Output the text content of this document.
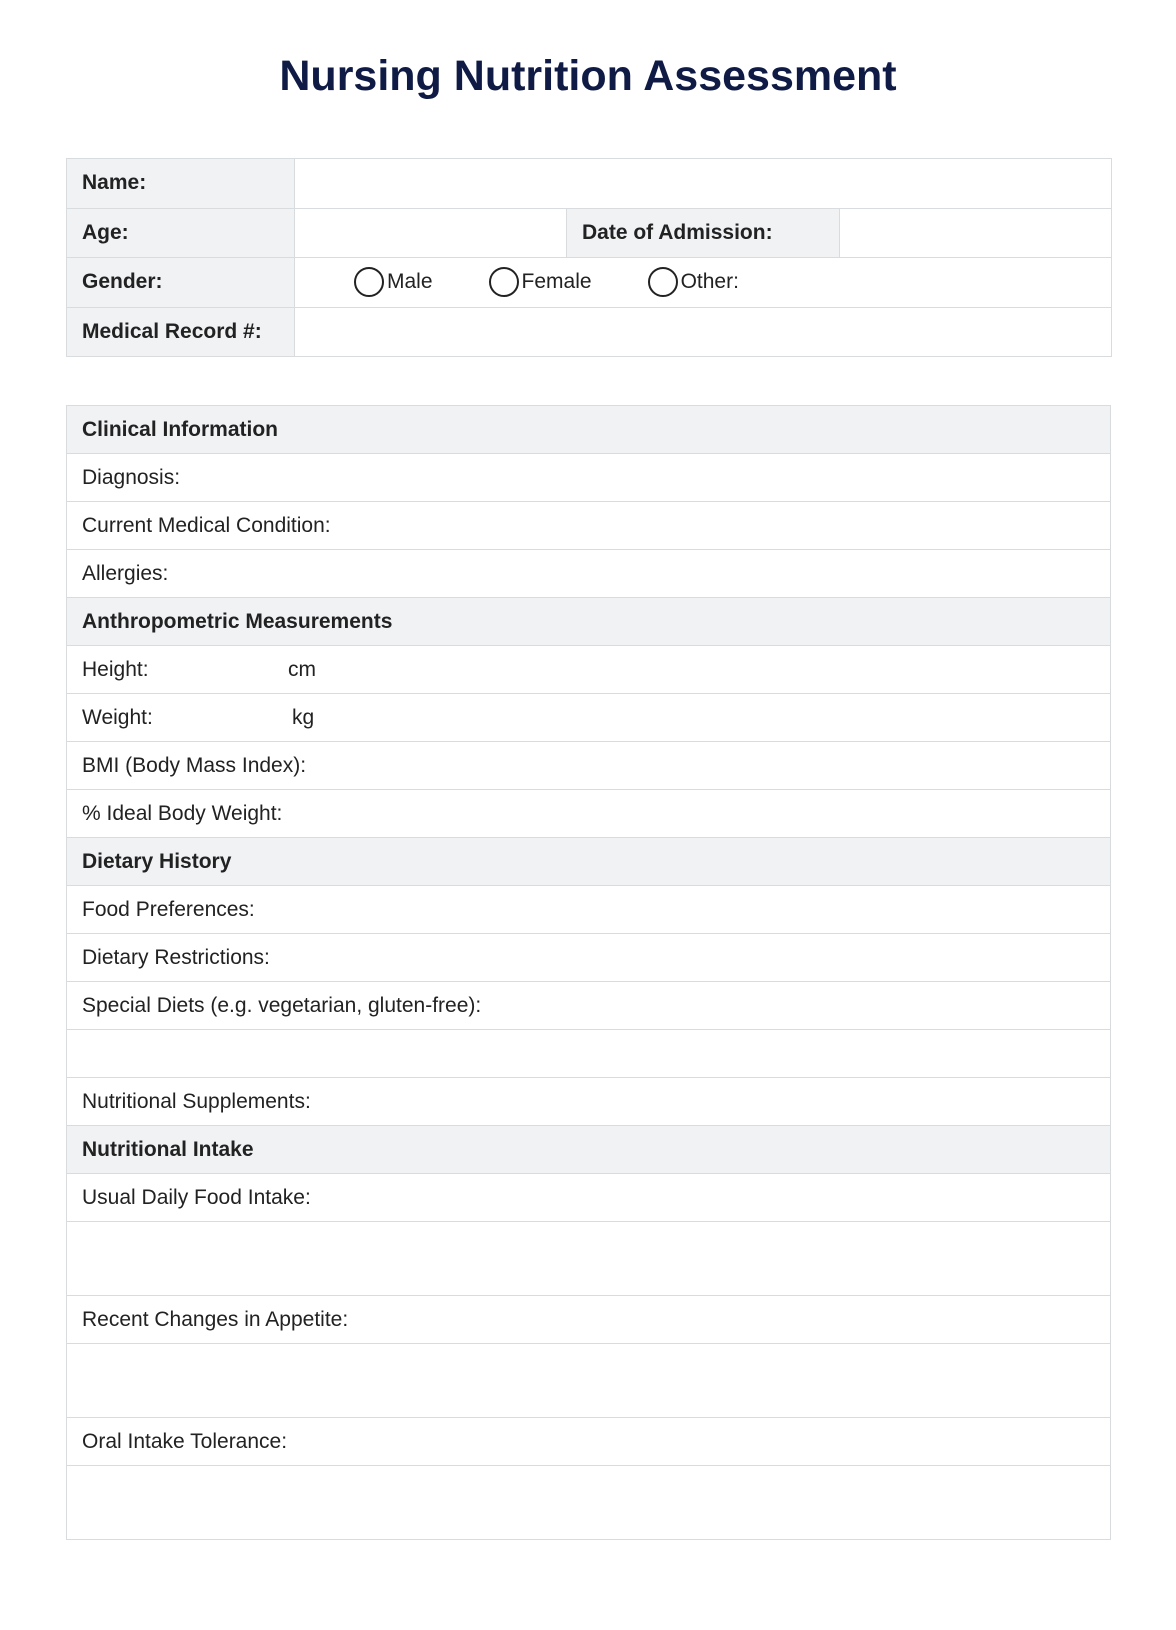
Nursing Nutrition Assessment
Name:	
Age:		Date of Admission:	
Gender:	Male	Female	Other:

Medical Record #:	
Clinical Information
Diagnosis:
Current Medical Condition:
Allergies:
Anthropometric Measurements
Height:	cm
Weight:	kg
BMI (Body Mass Index):
% Ideal Body Weight:
Dietary History
Food Preferences:
Dietary Restrictions:
Special Diets (e.g. vegetarian, gluten-free):

Nutritional Supplements:
Nutritional Intake
Usual Daily Food Intake:

Recent Changes in Appetite:

Oral Intake Tolerance:
